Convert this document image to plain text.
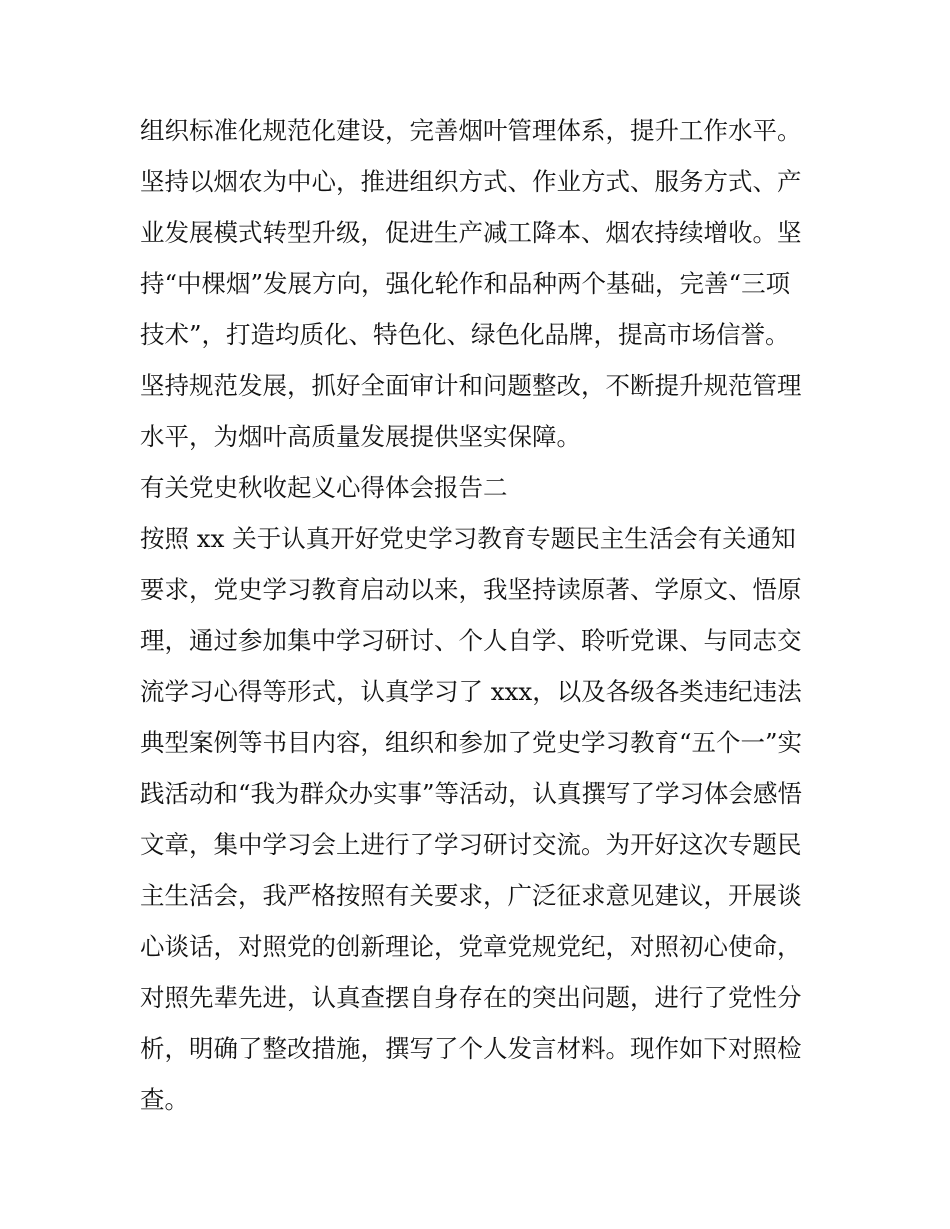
组织标准化规范化建设，完善烟叶管理体系，提升工作水平。
坚持以烟农为中心，推进组织方式、作业方式、服务方式、产
业发展模式转型升级，促进生产减工降本、烟农持续增收。坚
持“中棵烟”发展方向，强化轮作和品种两个基础，完善“三项
技术”，打造均质化、特色化、绿色化品牌，提高市场信誉。
坚持规范发展，抓好全面审计和问题整改，不断提升规范管理
水平，为烟叶高质量发展提供坚实保障。
有关党史秋收起义心得体会报告二
按照 xx 关于认真开好党史学习教育专题民主生活会有关通知
要求，党史学习教育启动以来，我坚持读原著、学原文、悟原
理，通过参加集中学习研讨、个人自学、聆听党课、与同志交
流学习心得等形式，认真学习了 xxx，以及各级各类违纪违法
典型案例等书目内容，组织和参加了党史学习教育“五个一”实
践活动和“我为群众办实事”等活动，认真撰写了学习体会感悟
文章，集中学习会上进行了学习研讨交流。为开好这次专题民
主生活会，我严格按照有关要求，广泛征求意见建议，开展谈
心谈话，对照党的创新理论，党章党规党纪，对照初心使命，
对照先辈先进，认真查摆自身存在的突出问题，进行了党性分
析，明确了整改措施，撰写了个人发言材料。现作如下对照检
查。
